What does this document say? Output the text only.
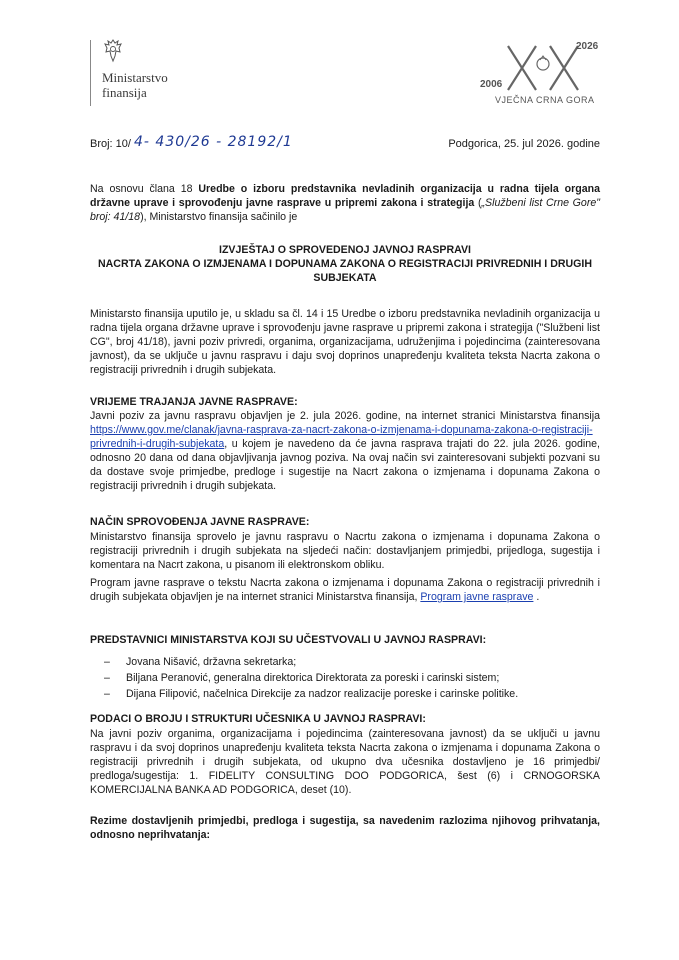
Ministarstvo
finansija
2026
2006
VJEČNA CRNA GORA
Broj: 10/ 4- 430/26 - 28192/1	Podgorica, 25. jul 2026. godine
Na osnovu člana 18 Uredbe o izboru predstavnika nevladinih organizacija u radna tijela organa državne uprave i sprovođenju javne rasprave u pripremi zakona i strategija („Službeni list Crne Gore" broj: 41/18), Ministarstvo finansija sačinilo je
IZVJEŠTAJ O SPROVEDENOJ JAVNOJ RASPRAVI
NACRTA ZAKONA O IZMJENAMA I DOPUNAMA ZAKONA O REGISTRACIJI PRIVREDNIH I DRUGIH SUBJEKATA
Ministarsto finansija uputilo je, u skladu sa čl. 14 i 15 Uredbe o izboru predstavnika nevladinih organizacija u radna tijela organa državne uprave i sprovođenju javne rasprave u pripremi zakona i strategija ("Službeni list CG", broj 41/18), javni poziv privredi, organima, organizacijama, udruženjima i pojedincima (zainteresovana javnost), da se uključe u javnu raspravu i daju svoj doprinos unapređenju kvaliteta teksta Nacrta zakona o registraciji privrednih i drugih subjekata.
VRIJEME TRAJANJA JAVNE RASPRAVE:
Javni poziv za javnu raspravu objavljen je 2. jula 2026. godine, na internet stranici Ministarstva finansija https://www.gov.me/clanak/javna-rasprava-za-nacrt-zakona-o-izmjenama-i-dopunama-zakona-o-registraciji-privrednih-i-drugih-subjekata, u kojem je navedeno da će javna rasprava trajati do 22. jula 2026. godine, odnosno 20 dana od dana objavljivanja javnog poziva. Na ovaj način svi zainteresovani subjekti pozvani su da dostave svoje primjedbe, predloge i sugestije na Nacrt zakona o izmjenama i dopunama Zakona o registraciji privrednih i drugih subjekata.
NAČIN SPROVOĐENJA JAVNE RASPRAVE:
Ministarstvo finansija sprovelo je javnu raspravu o Nacrtu zakona o izmjenama i dopunama Zakona o registraciji privrednih i drugih subjekata na sljedeći način: dostavljanjem primjedbi, prijedloga, sugestija i komentara na Nacrt zakona, u pisanom ili elektronskom obliku.
Program javne rasprave o tekstu Nacrta zakona o izmjenama i dopunama Zakona o registraciji privrednih i drugih subjekata objavljen je na internet stranici Ministarstva finansija, Program javne rasprave .
PREDSTAVNICI MINISTARSTVA KOJI SU UČESTVOVALI U JAVNOJ RASPRAVI:
– Jovana Nišavić, državna sekretarka;
– Biljana Peranović, generalna direktorica Direktorata za poreski i carinski sistem;
– Dijana Filipović, načelnica Direkcije za nadzor realizacije poreske i carinske politike.
PODACI O BROJU I STRUKTURI UČESNIKA U JAVNOJ RASPRAVI:
Na javni poziv organima, organizacijama i pojedincima (zainteresovana javnost) da se uključi u javnu raspravu i da svoj doprinos unapređenju kvaliteta teksta Nacrta zakona o izmjenama i dopunama Zakona o registraciji privrednih i drugih subjekata, od ukupno dva učesnika dostavljeno je 16 primjedbi/ predloga/sugestija: 1. FIDELITY CONSULTING DOO PODGORICA, šest (6) i CRNOGORSKA KOMERCIJALNA BANKA AD PODGORICA, deset (10).
Rezime dostavljenih primjedbi, predloga i sugestija, sa navedenim razlozima njihovog prihvatanja, odnosno neprihvatanja:
